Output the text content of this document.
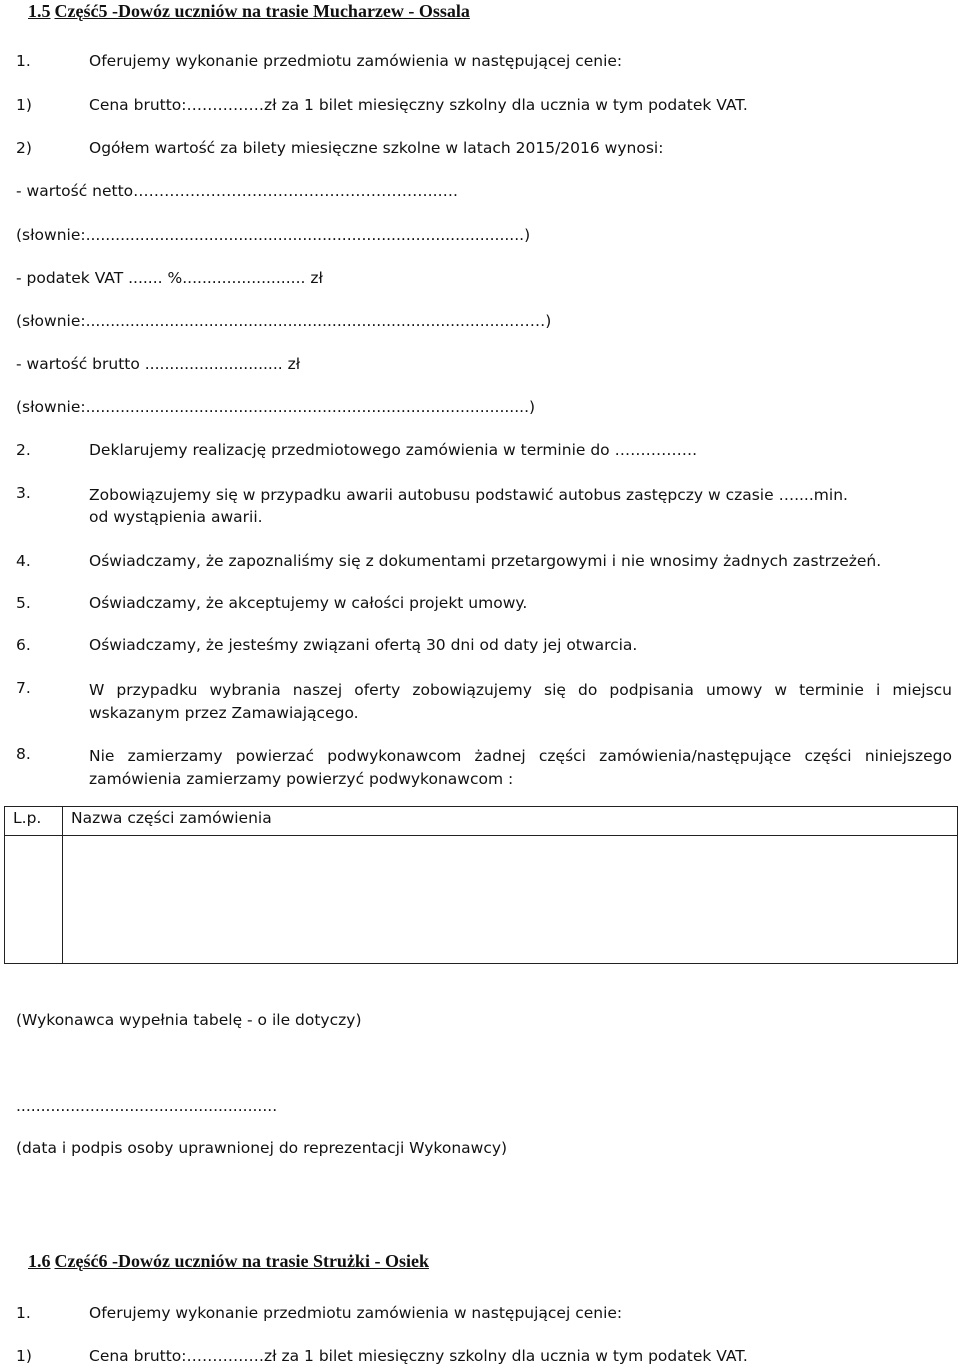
1.5 Część5 -Dowóz uczniów na trasie Mucharzew - Ossala
1.	Oferujemy wykonanie przedmiotu zamówienia w następującej cenie:
1)	Cena brutto:……………zł za 1 bilet miesięczny szkolny dla ucznia w tym podatek VAT.
2)	Ogółem wartość za bilety miesięczne szkolne w latach 2015/2016 wynosi:
- wartość netto…………………………………………………..….
(słownie:.........................................................................................)
- podatek VAT ....... %......................... zł
(słownie:.......................................................................................……)
- wartość brutto ............................ zł
(słownie:..........................................................................................)
2.	Deklarujemy realizację przedmiotowego zamówienia w terminie do …………….
3.	Zobowiązujemy się w przypadku awarii autobusu podstawić autobus zastępczy w czasie …....min. od wystąpienia awarii.
4.	Oświadczamy, że zapoznaliśmy się z dokumentami przetargowymi i nie wnosimy żadnych zastrzeżeń.
5.	Oświadczamy, że akceptujemy w całości projekt umowy.
6.	Oświadczamy, że jesteśmy związani ofertą 30 dni od daty jej otwarcia.
7.	W przypadku wybrania naszej oferty zobowiązujemy się do podpisania umowy w terminie i miejscu wskazanym przez Zamawiającego.
8.	Nie zamierzamy powierzać podwykonawcom żadnej części zamówienia/następujące części niniejszego zamówienia zamierzamy powierzyć podwykonawcom :
L.p.	Nazwa części zamówienia

(Wykonawca wypełnia tabelę - o ile dotyczy)
.....................................................
(data i podpis osoby uprawnionej do reprezentacji Wykonawcy)
1.6 Część6 -Dowóz uczniów na trasie Strużki - Osiek
1.	Oferujemy wykonanie przedmiotu zamówienia w następującej cenie:
1)	Cena brutto:……………zł za 1 bilet miesięczny szkolny dla ucznia w tym podatek VAT.
